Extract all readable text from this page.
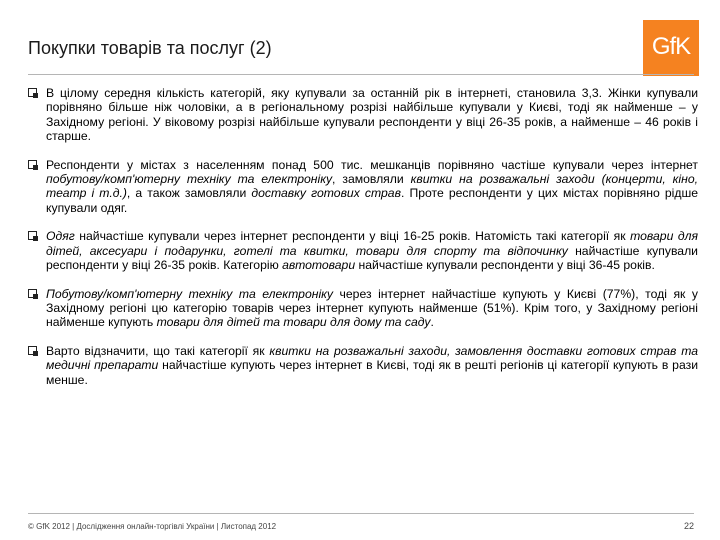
Покупки товарів та послуг (2)	GfK
В цілому середня кількість категорій, яку купували за останній рік в інтернеті, становила 3,3. Жінки купували порівняно більше ніж чоловіки, а в регіональному розрізі найбільше купували у Києві, тоді як найменше – у Західному регіоні. У віковому розрізі найбільше купували респонденти у віці 26-35 років, а найменше – 46 років і старше.
Респонденти у містах з населенням понад 500 тис. мешканців порівняно частіше купували через інтернет побутову/комп'ютерну техніку та електроніку, замовляли квитки на розважальні заходи (концерти, кіно, театр і т.д.), а також замовляли доставку готових страв. Проте респонденти у цих містах порівняно рідше купували одяг.
Одяг найчастіше купували через інтернет респонденти у віці 16-25 років. Натомість такі категорії як товари для дітей, аксесуари і подарунки, готелі та квитки, товари для спорту та відпочинку найчастіше купували респонденти у віці 26-35 років. Категорію автотовари найчастіше купували респонденти у віці 36-45 років.
Побутову/комп'ютерну техніку та електроніку через інтернет найчастіше купують у Києві (77%), тоді як у Західному регіоні цю категорію товарів через інтернет купують найменше (51%). Крім того, у Західному регіоні найменше купують товари для дітей та товари для дому та саду.
Варто відзначити, що такі категорії як квитки на розважальні заходи, замовлення доставки готових страв та медичні препарати найчастіше купують через інтернет в Києві, тоді як в решті регіонів ці категорії купують в рази менше.
© GfK 2012 | Дослідження онлайн-торгівлі України | Листопад 2012	22
